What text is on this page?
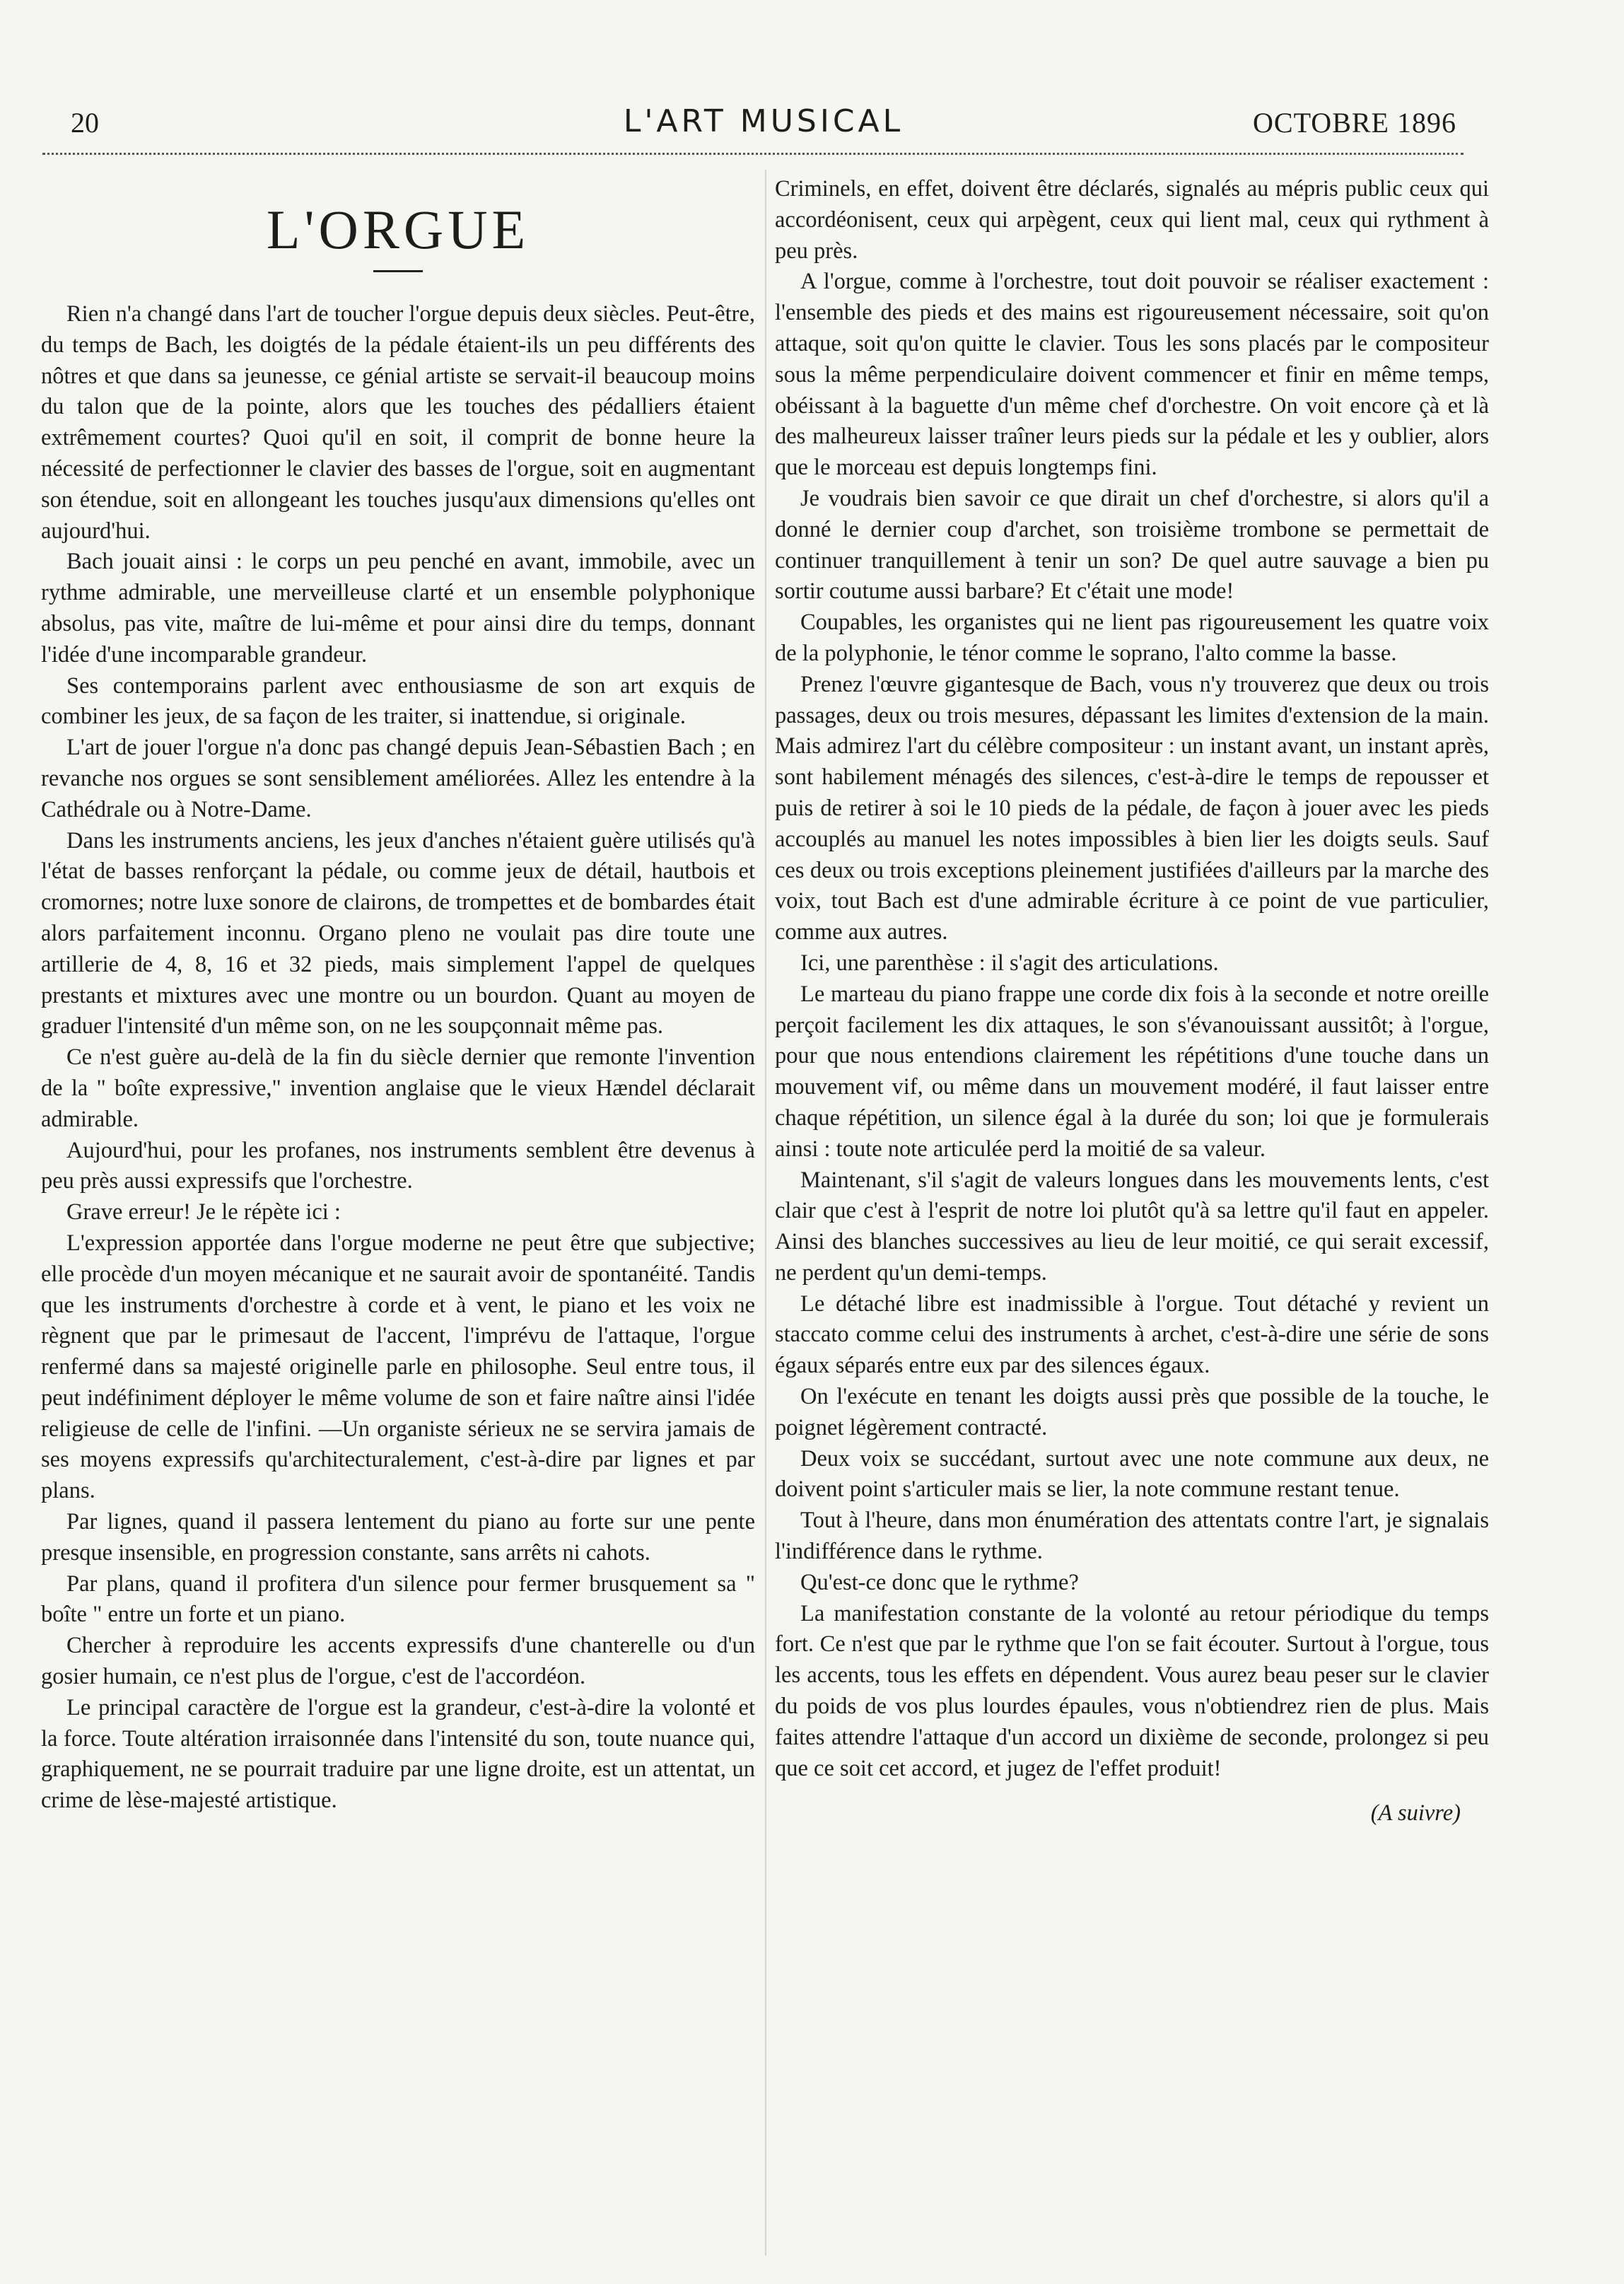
20	L'ART MUSICAL	OCTOBRE 1896
L'ORGUE

Rien n'a changé dans l'art de toucher l'orgue depuis deux siècles. Peut-être, du temps de Bach, les doigtés de la pédale étaient-ils un peu différents des nôtres et que dans sa jeunesse, ce génial artiste se servait-il beaucoup moins du talon que de la pointe, alors que les touches des pédalliers étaient extrêmement courtes? Quoi qu'il en soit, il comprit de bonne heure la nécessité de perfectionner le clavier des basses de l'orgue, soit en augmentant son étendue, soit en allongeant les touches jusqu'aux dimensions qu'elles ont aujourd'hui.

Bach jouait ainsi : le corps un peu penché en avant, immobile, avec un rythme admirable, une merveilleuse clarté et un ensemble polyphonique absolus, pas vite, maître de lui-même et pour ainsi dire du temps, donnant l'idée d'une incomparable grandeur.

Ses contemporains parlent avec enthousiasme de son art exquis de combiner les jeux, de sa façon de les traiter, si inattendue, si originale.

L'art de jouer l'orgue n'a donc pas changé depuis Jean-Sébastien Bach ; en revanche nos orgues se sont sensiblement améliorées. Allez les entendre à la Cathédrale ou à Notre-Dame.

Dans les instruments anciens, les jeux d'anches n'étaient guère utilisés qu'à l'état de basses renforçant la pédale, ou comme jeux de détail, hautbois et cromornes; notre luxe sonore de clairons, de trompettes et de bombardes était alors parfaitement inconnu. Organo pleno ne voulait pas dire toute une artillerie de 4, 8, 16 et 32 pieds, mais simplement l'appel de quelques prestants et mixtures avec une montre ou un bourdon. Quant au moyen de graduer l'intensité d'un même son, on ne les soupçonnait même pas.

Ce n'est guère au-delà de la fin du siècle dernier que remonte l'invention de la " boîte expressive," invention anglaise que le vieux Hændel déclarait admirable.

Aujourd'hui, pour les profanes, nos instruments semblent être devenus à peu près aussi expressifs que l'orchestre.

Grave erreur! Je le répète ici :

L'expression apportée dans l'orgue moderne ne peut être que subjective; elle procède d'un moyen mécanique et ne saurait avoir de spontanéité. Tandis que les instruments d'orchestre à corde et à vent, le piano et les voix ne règnent que par le primesaut de l'accent, l'imprévu de l'attaque, l'orgue renfermé dans sa majesté originelle parle en philosophe. Seul entre tous, il peut indéfiniment déployer le même volume de son et faire naître ainsi l'idée religieuse de celle de l'infini. —Un organiste sérieux ne se servira jamais de ses moyens expressifs qu'architecturalement, c'est-à-dire par lignes et par plans.

Par lignes, quand il passera lentement du piano au forte sur une pente presque insensible, en progression constante, sans arrêts ni cahots.

Par plans, quand il profitera d'un silence pour fermer brusquement sa " boîte " entre un forte et un piano.

Chercher à reproduire les accents expressifs d'une chanterelle ou d'un gosier humain, ce n'est plus de l'orgue, c'est de l'accordéon.

Le principal caractère de l'orgue est la grandeur, c'est-à-dire la volonté et la force. Toute altération irraisonnée dans l'intensité du son, toute nuance qui, graphiquement, ne se pourrait traduire par une ligne droite, est un attentat, un crime de lèse-majesté artistique.

Criminels, en effet, doivent être déclarés, signalés au mépris public ceux qui accordéonisent, ceux qui arpègent, ceux qui lient mal, ceux qui rythment à peu près.

A l'orgue, comme à l'orchestre, tout doit pouvoir se réaliser exactement : l'ensemble des pieds et des mains est rigoureusement nécessaire, soit qu'on attaque, soit qu'on quitte le clavier. Tous les sons placés par le compositeur sous la même perpendiculaire doivent commencer et finir en même temps, obéissant à la baguette d'un même chef d'orchestre. On voit encore çà et là des malheureux laisser traîner leurs pieds sur la pédale et les y oublier, alors que le morceau est depuis longtemps fini.

Je voudrais bien savoir ce que dirait un chef d'orchestre, si alors qu'il a donné le dernier coup d'archet, son troisième trombone se permettait de continuer tranquillement à tenir un son? De quel autre sauvage a bien pu sortir coutume aussi barbare? Et c'était une mode!

Coupables, les organistes qui ne lient pas rigoureusement les quatre voix de la polyphonie, le ténor comme le soprano, l'alto comme la basse.

Prenez l'œuvre gigantesque de Bach, vous n'y trouverez que deux ou trois passages, deux ou trois mesures, dépassant les limites d'extension de la main. Mais admirez l'art du célèbre compositeur : un instant avant, un instant après, sont habilement ménagés des silences, c'est-à-dire le temps de repousser et puis de retirer à soi le 10 pieds de la pédale, de façon à jouer avec les pieds accouplés au manuel les notes impossibles à bien lier les doigts seuls. Sauf ces deux ou trois exceptions pleinement justifiées d'ailleurs par la marche des voix, tout Bach est d'une admirable écriture à ce point de vue particulier, comme aux autres.

Ici, une parenthèse : il s'agit des articulations.

Le marteau du piano frappe une corde dix fois à la seconde et notre oreille perçoit facilement les dix attaques, le son s'évanouissant aussitôt; à l'orgue, pour que nous entendions clairement les répétitions d'une touche dans un mouvement vif, ou même dans un mouvement modéré, il faut laisser entre chaque répétition, un silence égal à la durée du son; loi que je formulerais ainsi : toute note articulée perd la moitié de sa valeur.

Maintenant, s'il s'agit de valeurs longues dans les mouvements lents, c'est clair que c'est à l'esprit de notre loi plutôt qu'à sa lettre qu'il faut en appeler. Ainsi des blanches successives au lieu de leur moitié, ce qui serait excessif, ne perdent qu'un demi-temps.

Le détaché libre est inadmissible à l'orgue. Tout détaché y revient un staccato comme celui des instruments à archet, c'est-à-dire une série de sons égaux séparés entre eux par des silences égaux.

On l'exécute en tenant les doigts aussi près que possible de la touche, le poignet légèrement contracté.

Deux voix se succédant, surtout avec une note commune aux deux, ne doivent point s'articuler mais se lier, la note commune restant tenue.

Tout à l'heure, dans mon énumération des attentats contre l'art, je signalais l'indifférence dans le rythme.

Qu'est-ce donc que le rythme?

La manifestation constante de la volonté au retour périodique du temps fort. Ce n'est que par le rythme que l'on se fait écouter. Surtout à l'orgue, tous les accents, tous les effets en dépendent. Vous aurez beau peser sur le clavier du poids de vos plus lourdes épaules, vous n'obtiendrez rien de plus. Mais faites attendre l'attaque d'un accord un dixième de seconde, prolongez si peu que ce soit cet accord, et jugez de l'effet produit!

(A suivre)
